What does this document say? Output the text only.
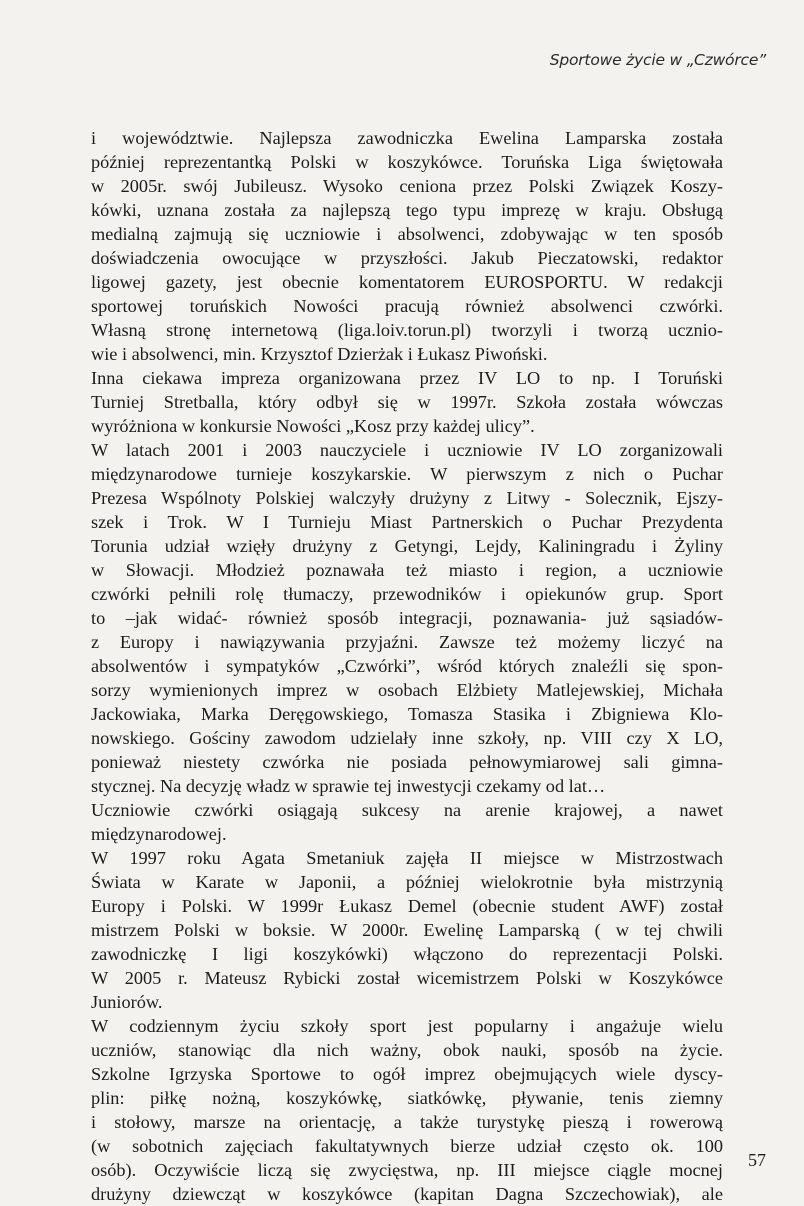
Sportowe życie w „Czwórce”
i województwie. Najlepsza zawodniczka Ewelina Lamparska została
później reprezentantką Polski w koszykówce. Toruńska Liga świętowała
w 2005r. swój Jubileusz. Wysoko ceniona przez Polski Związek Koszy-
kówki, uznana została za najlepszą tego typu imprezę w kraju. Obsługą
medialną zajmują się uczniowie i absolwenci, zdobywając w ten sposób
doświadczenia owocujące w przyszłości. Jakub Pieczatowski, redaktor
ligowej gazety, jest obecnie komentatorem EUROSPORTU. W redakcji
sportowej toruńskich Nowości pracują również absolwenci czwórki.
Własną stronę internetową (liga.loiv.torun.pl) tworzyli i tworzą ucznio-
wie i absolwenci, min. Krzysztof Dzierżak i Łukasz Piwoński.
Inna ciekawa impreza organizowana przez IV LO to np. I Toruński
Turniej Stretballa, który odbył się w 1997r. Szkoła została wówczas
wyróżniona w konkursie Nowości „Kosz przy każdej ulicy”.
W latach 2001 i 2003 nauczyciele i uczniowie IV LO zorganizowali
międzynarodowe turnieje koszykarskie. W pierwszym z nich o Puchar
Prezesa Wspólnoty Polskiej walczyły drużyny z Litwy - Solecznik, Ejszy-
szek i Trok. W I Turnieju Miast Partnerskich o Puchar Prezydenta
Torunia udział wzięły drużyny z Getyngi, Lejdy, Kaliningradu i Żyliny
w Słowacji. Młodzież poznawała też miasto i region, a uczniowie
czwórki pełnili rolę tłumaczy, przewodników i opiekunów grup. Sport
to –jak widać- również sposób integracji, poznawania- już sąsiadów-
z Europy i nawiązywania przyjaźni. Zawsze też możemy liczyć na
absolwentów i sympatyków „Czwórki”, wśród których znaleźli się spon-
sorzy wymienionych imprez w osobach Elżbiety Matlejewskiej, Michała
Jackowiaka, Marka Deręgowskiego, Tomasza Stasika i Zbigniewa Klo-
nowskiego. Gościny zawodom udzielały inne szkoły, np. VIII czy X LO,
ponieważ niestety czwórka nie posiada pełnowymiarowej sali gimna-
stycznej. Na decyzję władz w sprawie tej inwestycji czekamy od lat…
Uczniowie czwórki osiągają sukcesy na arenie krajowej, a nawet
międzynarodowej.
W 1997 roku Agata Smetaniuk zajęła II miejsce w Mistrzostwach
Świata w Karate w Japonii, a później wielokrotnie była mistrzynią
Europy i Polski. W 1999r Łukasz Demel (obecnie student AWF) został
mistrzem Polski w boksie. W 2000r. Ewelinę Lamparską ( w tej chwili
zawodniczkę I ligi koszykówki) włączono do reprezentacji Polski.
W 2005 r. Mateusz Rybicki został wicemistrzem Polski w Koszykówce
Juniorów.
W codziennym życiu szkoły sport jest popularny i angażuje wielu
uczniów, stanowiąc dla nich ważny, obok nauki, sposób na życie.
Szkolne Igrzyska Sportowe to ogół imprez obejmujących wiele dyscy-
plin: piłkę nożną, koszykówkę, siatkówkę, pływanie, tenis ziemny
i stołowy, marsze na orientację, a także turystykę pieszą i rowerową
(w sobotnich zajęciach fakultatywnych bierze udział często ok. 100
osób). Oczywiście liczą się zwycięstwa, np. III miejsce ciągle mocnej
drużyny dziewcząt w koszykówce (kapitan Dagna Szczechowiak), ale
57
